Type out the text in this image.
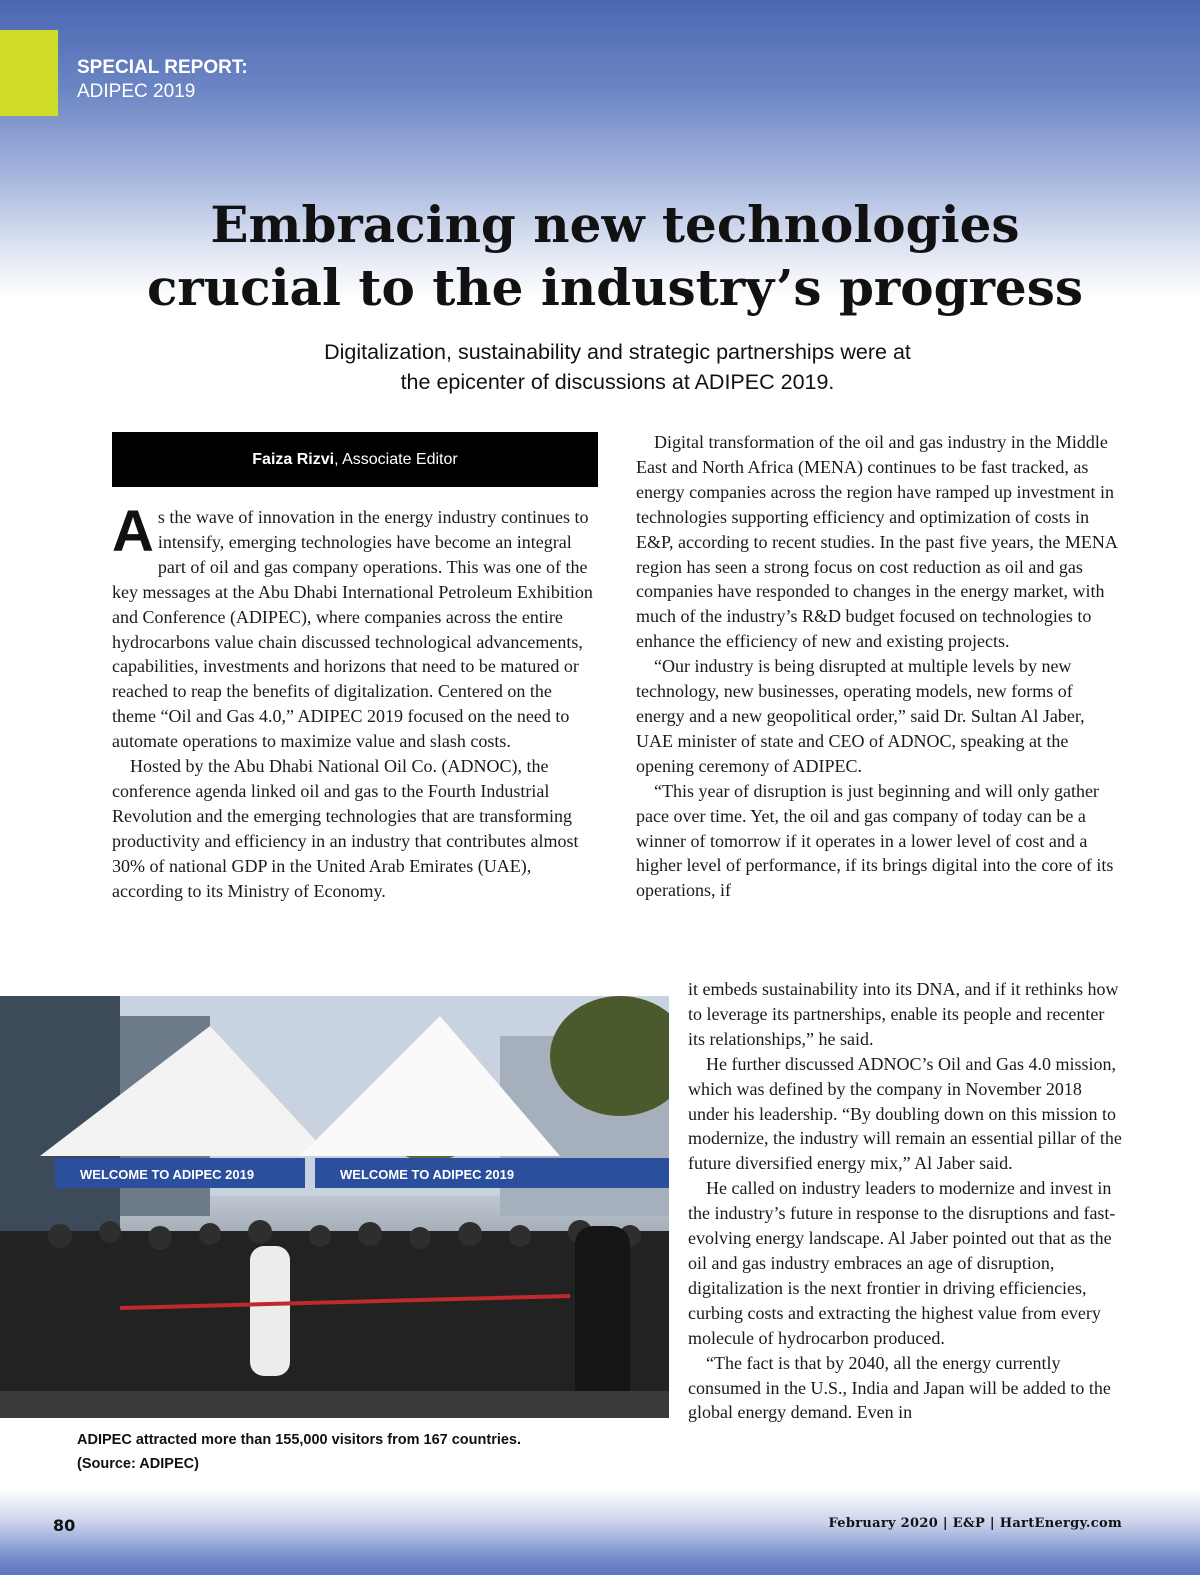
SPECIAL REPORT:
ADIPEC 2019
Embracing new technologies
crucial to the industry’s progress
Digitalization, sustainability and strategic partnerships were at
the epicenter of discussions at ADIPEC 2019.
Faiza Rizvi , Associate Editor

As the wave of innovation in the energy industry continues to intensify, emerging technologies have become an integral part of oil and gas company operations. This was one of the key messages at the Abu Dhabi International Petroleum Exhibition and Conference (ADIPEC), where companies across the entire hydrocarbons value chain discussed technological advancements, capabilities, investments and horizons that need to be matured or reached to reap the benefits of digitalization. Centered on the theme “Oil and Gas 4.0,” ADIPEC 2019 focused on the need to automate operations to maximize value and slash costs.

Hosted by the Abu Dhabi National Oil Co. (ADNOC), the conference agenda linked oil and gas to the Fourth Industrial Revolution and the emerging technologies that are transforming productivity and efficiency in an industry that contributes almost 30% of national GDP in the United Arab Emirates (UAE), according to its Ministry of Economy.

Digital transformation of the oil and gas industry in the Middle East and North Africa (MENA) continues to be fast tracked, as energy companies across the region have ramped up investment in technologies supporting efficiency and optimization of costs in E&P, according to recent studies. In the past five years, the MENA region has seen a strong focus on cost reduction as oil and gas companies have responded to changes in the energy market, with much of the industry’s R&D budget focused on technologies to enhance the efficiency of new and existing projects.

“Our industry is being disrupted at multiple levels by new technology, new businesses, operating models, new forms of energy and a new geopolitical order,” said Dr. Sultan Al Jaber, UAE minister of state and CEO of ADNOC, speaking at the opening ceremony of ADIPEC.

“This year of disruption is just beginning and will only gather pace over time. Yet, the oil and gas company of today can be a winner of tomorrow if it operates in a lower level of cost and a higher level of performance, if its brings digital into the core of its operations, if

it embeds sustainability into its DNA, and if it rethinks how to leverage its partnerships, enable its people and recenter its relationships,” he said.

He further discussed ADNOC’s Oil and Gas 4.0 mission, which was defined by the company in November 2018 under his leadership. “By doubling down on this mission to modernize, the industry will remain an essential pillar of the future diversified energy mix,” Al Jaber said.

He called on industry leaders to modernize and invest in the industry’s future in response to the disruptions and fast-evolving energy landscape. Al Jaber pointed out that as the oil and gas industry embraces an age of disruption, digitalization is the next frontier in driving efficiencies, curbing costs and extracting the highest value from every molecule of hydrocarbon produced.

“The fact is that by 2040, all the energy currently consumed in the U.S., India and Japan will be added to the global energy demand. Even in

WELCOME TO ADIPEC 2019	WELCOME TO ADIPEC 2019
ADIPEC attracted more than 155,000 visitors from 167 countries.
(Source: ADIPEC)
80	February 2020 | E&P | HartEnergy.com
